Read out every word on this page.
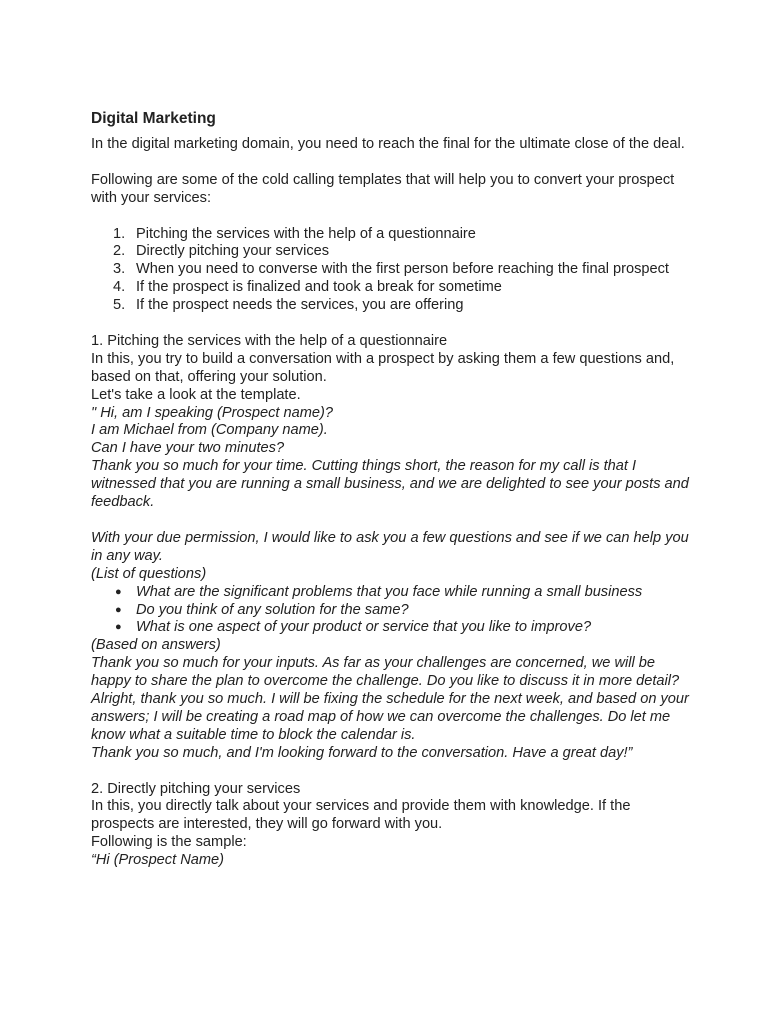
Digital Marketing

In the digital marketing domain, you need to reach the final for the ultimate close of the deal.

Following are some of the cold calling templates that will help you to convert your prospect with your services:

1. Pitching the services with the help of a questionnaire
2. Directly pitching your services
3. When you need to converse with the first person before reaching the final prospect
4. If the prospect is finalized and took a break for sometime
5. If the prospect needs the services, you are offering

1. Pitching the services with the help of a questionnaire

In this, you try to build a conversation with a prospect by asking them a few questions and, based on that, offering your solution.

Let's take a look at the template.

" Hi, am I speaking (Prospect name)?

I am Michael from (Company name).

Can I have your two minutes?

Thank you so much for your time. Cutting things short, the reason for my call is that I witnessed that you are running a small business, and we are delighted to see your posts and feedback.

With your due permission, I would like to ask you a few questions and see if we can help you in any way.

(List of questions)

● What are the significant problems that you face while running a small business
● Do you think of any solution for the same?
● What is one aspect of your product or service that you like to improve?

(Based on answers)

Thank you so much for your inputs. As far as your challenges are concerned, we will be happy to share the plan to overcome the challenge. Do you like to discuss it in more detail?

Alright, thank you so much. I will be fixing the schedule for the next week, and based on your answers; I will be creating a road map of how we can overcome the challenges. Do let me know what a suitable time to block the calendar is.

Thank you so much, and I'm looking forward to the conversation. Have a great day!”

2. Directly pitching your services

In this, you directly talk about your services and provide them with knowledge. If the prospects are interested, they will go forward with you.

Following is the sample:

“Hi (Prospect Name)
